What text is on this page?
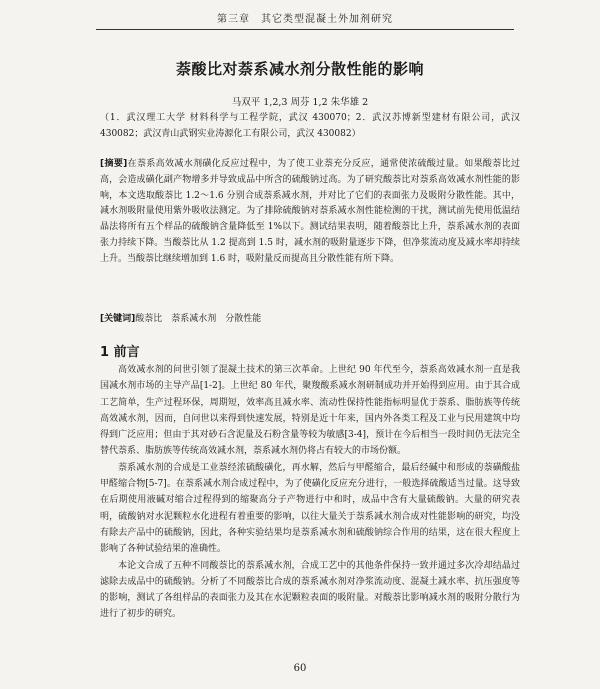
第三章　其它类型混凝土外加剂研究
萘酸比对萘系减水剂分散性能的影响
马双平 1,2,3 周芬 1,2 朱华雄 2
（1．武汉理工大学 材料科学与工程学院，武汉 430070；2．武汉苏博新型建材有限公司，武汉 430082；武汉青山武钢实业涛源化工有限公司，武汉 430082）
[摘要]在萘系高效减水剂磺化反应过程中，为了使工业萘充分反应，通常使浓硫酸过量。如果酸萘比过高，会造成磺化副产物增多并导致成品中所含的硫酸钠过高。为了研究酸萘比对萘系高效减水剂性能的影响，本文选取酸萘比 1.2～1.6 分别合成萘系减水剂，并对比了它们的表面张力及吸附分散性能。其中，减水剂吸附量使用紫外吸收法测定。为了排除硫酸钠对萘系减水剂性能检测的干扰，测试前先使用低温结晶法将所有五个样品的硫酸钠含量降低至 1%以下。测试结果表明，随着酸萘比上升，萘系减水剂的表面张力持续下降。当酸萘比从 1.2 提高到 1.5 时，减水剂的吸附量逐步下降，但净浆流动度及减水率却持续上升。当酸萘比继续增加到 1.6 时，吸附量反而提高且分散性能有所下降。
[关键词]酸萘比　萘系减水剂　分散性能
1 前言

高效减水剂的问世引领了混凝土技术的第三次革命。上世纪 90 年代至今，萘系高效减水剂一直是我国减水剂市场的主导产品[1-2]。上世纪 80 年代，聚羧酸系减水剂研制成功并开始得到应用。由于其合成工艺简单，生产过程环保，周期短，效率高且减水率、流动性保持性能指标明显优于萘系、脂肪族等传统高效减水剂，因而，自问世以来得到快速发展，特别是近十年来，国内外各类工程及工业与民用建筑中均得到广泛应用；但由于其对砂石含泥量及石粉含量等较为敏感[3-4]，预计在今后相当一段时间仍无法完全替代萘系、脂肪族等传统高效减水剂，萘系减水剂仍将占有较大的市场份额。

萘系减水剂的合成是工业萘经浓硫酸磺化，再水解，然后与甲醛缩合，最后经碱中和形成的萘磺酸盐甲醛缩合物[5-7]。在萘系减水剂合成过程中，为了使磺化反应充分进行，一般选择硫酸适当过量。这导致在后期使用液碱对缩合过程得到的缩聚高分子产物进行中和时，成品中含有大量硫酸钠。大量的研究表明，硫酸钠对水泥颗粒水化进程有着重要的影响，以往大量关于萘系减水剂合成对性能影响的研究，均没有除去产品中的硫酸钠，因此，各种实验结果均是萘系减水剂和硫酸钠综合作用的结果，这在很大程度上影响了各种试验结果的准确性。

本论文合成了五种不同酸萘比的萘系减水剂，合成工艺中的其他条件保持一致并通过多次冷却结晶过滤除去成品中的硫酸钠。分析了不同酸萘比合成的萘系减水剂对净浆流动度、混凝土减水率、抗压强度等的影响，测试了各组样品的表面张力及其在水泥颗粒表面的吸附量。对酸萘比影响减水剂的吸附分散行为进行了初步的研究。

60
